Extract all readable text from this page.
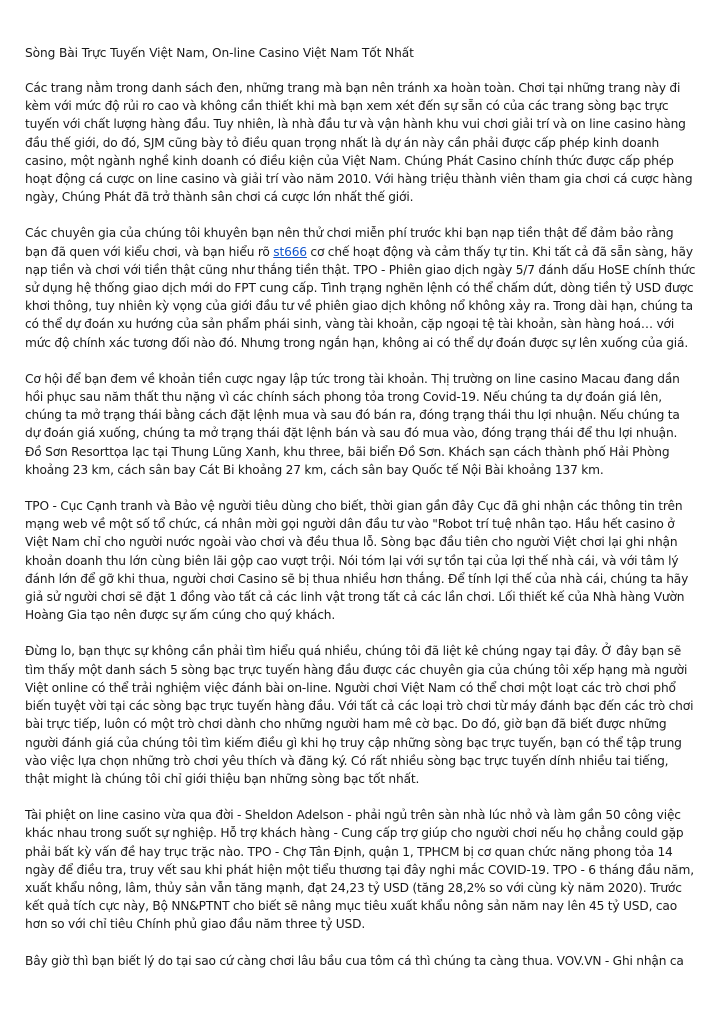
Sòng Bài Trực Tuyến Việt Nam, On-line Casino Việt Nam Tốt Nhất

Các trang nằm trong danh sách đen, những trang mà bạn nên tránh xa hoàn toàn. Chơi tại những trang này đi kèm với mức độ rủi ro cao và không cần thiết khi mà bạn xem xét đến sự sẵn có của các trang sòng bạc trực tuyến với chất lượng hàng đầu. Tuy nhiên, là nhà đầu tư và vận hành khu vui chơi giải trí và on line casino hàng đầu thế giới, do đó, SJM cũng bày tỏ điều quan trọng nhất là dự án này cần phải được cấp phép kinh doanh casino, một ngành nghề kinh doanh có điều kiện của Việt Nam. Chúng Phát Casino chính thức được cấp phép hoạt động cá cược on line casino và giải trí vào năm 2010. Với hàng triệu thành viên tham gia chơi cá cược hàng ngày, Chúng Phát đã trở thành sân chơi cá cược lớn nhất thế giới.

Các chuyên gia của chúng tôi khuyên bạn nên thử chơi miễn phí trước khi bạn nạp tiền thật để đảm bảo rằng bạn đã quen với kiểu chơi, và bạn hiểu rõ st666 cơ chế hoạt động và cảm thấy tự tin. Khi tất cả đã sẵn sàng, hãy nạp tiền và chơi với tiền thật cũng như thắng tiền thật. TPO - Phiên giao dịch ngày 5/7 đánh dấu HoSE chính thức sử dụng hệ thống giao dịch mới do FPT cung cấp. Tình trạng nghẽn lệnh có thể chấm dứt, dòng tiền tỷ USD được khơi thông, tuy nhiên kỳ vọng của giới đầu tư về phiên giao dịch không nổ không xảy ra. Trong dài hạn, chúng ta có thể dự đoán xu hướng của sản phẩm phái sinh, vàng tài khoản, cặp ngoại tệ tài khoản, sàn hàng hoá… với mức độ chính xác tương đối nào đó. Nhưng trong ngắn hạn, không ai có thể dự đoán được sự lên xuống của giá.

Cơ hội để bạn đem về khoản tiền cược ngay lập tức trong tài khoản. Thị trường on line casino Macau đang dần hồi phục sau năm thất thu nặng vì các chính sách phong tỏa trong Covid-19. Nếu chúng ta dự đoán giá lên, chúng ta mở trạng thái bằng cách đặt lệnh mua và sau đó bán ra, đóng trạng thái thu lợi nhuận. Nếu chúng ta dự đoán giá xuống, chúng ta mở trạng thái đặt lệnh bán và sau đó mua vào, đóng trạng thái để thu lợi nhuận. Đồ Sơn Resorttọa lạc tại Thung Lũng Xanh, khu three, bãi biển Đồ Sơn. Khách sạn cách thành phố Hải Phòng khoảng 23 km, cách sân bay Cát Bi khoảng 27 km, cách sân bay Quốc tế Nội Bài khoảng 137 km.

TPO - Cục Cạnh tranh và Bảo vệ người tiêu dùng cho biết, thời gian gần đây Cục đã ghi nhận các thông tin trên mạng web về một số tổ chức, cá nhân mời gọi người dân đầu tư vào "Robot trí tuệ nhân tạo. Hầu hết casino ở Việt Nam chỉ cho người nước ngoài vào chơi và đều thua lỗ. Sòng bạc đầu tiên cho người Việt chơi lại ghi nhận khoản doanh thu lớn cùng biên lãi gộp cao vượt trội. Nói tóm lại với sự tồn tại của lợi thế nhà cái, và với tâm lý đánh lớn để gỡ khi thua, người chơi Casino sẽ bị thua nhiều hơn thắng. Để tính lợi thế của nhà cái, chúng ta hãy giả sử người chơi sẽ đặt 1 đồng vào tất cả các linh vật trong tất cả các lần chơi. Lối thiết kế của Nhà hàng Vườn Hoàng Gia tạo nên được sự ấm cúng cho quý khách.

Đừng lo, bạn thực sự không cần phải tìm hiểu quá nhiều, chúng tôi đã liệt kê chúng ngay tại đây. Ở đây bạn sẽ tìm thấy một danh sách 5 sòng bạc trực tuyến hàng đầu được các chuyên gia của chúng tôi xếp hạng mà người Việt online có thể trải nghiệm việc đánh bài on-line. Người chơi Việt Nam có thể chơi một loạt các trò chơi phổ biến tuyệt vời tại các sòng bạc trực tuyến hàng đầu. Với tất cả các loại trò chơi từ máy đánh bạc đến các trò chơi bài trực tiếp, luôn có một trò chơi dành cho những người ham mê cờ bạc. Do đó, giờ bạn đã biết được những người đánh giá của chúng tôi tìm kiếm điều gì khi họ truy cập những sòng bạc trực tuyến, bạn có thể tập trung vào việc lựa chọn những trò chơi yêu thích và đăng ký. Có rất nhiều sòng bạc trực tuyến dính nhiều tai tiếng, thật might là chúng tôi chỉ giới thiệu bạn những sòng bạc tốt nhất.

Tài phiệt on line casino vừa qua đời - Sheldon Adelson - phải ngủ trên sàn nhà lúc nhỏ và làm gần 50 công việc khác nhau trong suốt sự nghiệp. Hỗ trợ khách hàng - Cung cấp trợ giúp cho người chơi nếu họ chẳng could gặp phải bất kỳ vấn đề hay trục trặc nào. TPO - Chợ Tân Định, quận 1, TPHCM bị cơ quan chức năng phong tỏa 14 ngày để điều tra, truy vết sau khi phát hiện một tiểu thương tại đây nghi mắc COVID-19. TPO - 6 tháng đầu năm, xuất khẩu nông, lâm, thủy sản vẫn tăng mạnh, đạt 24,23 tỷ USD (tăng 28,2% so với cùng kỳ năm 2020). Trước kết quả tích cực này, Bộ NN&PTNT cho biết sẽ nâng mục tiêu xuất khẩu nông sản năm nay lên 45 tỷ USD, cao hơn so với chỉ tiêu Chính phủ giao đầu năm three tỷ USD.

Bây giờ thì bạn biết lý do tại sao cứ càng chơi lâu bầu cua tôm cá thì chúng ta càng thua. VOV.VN - Ghi nhận ca
